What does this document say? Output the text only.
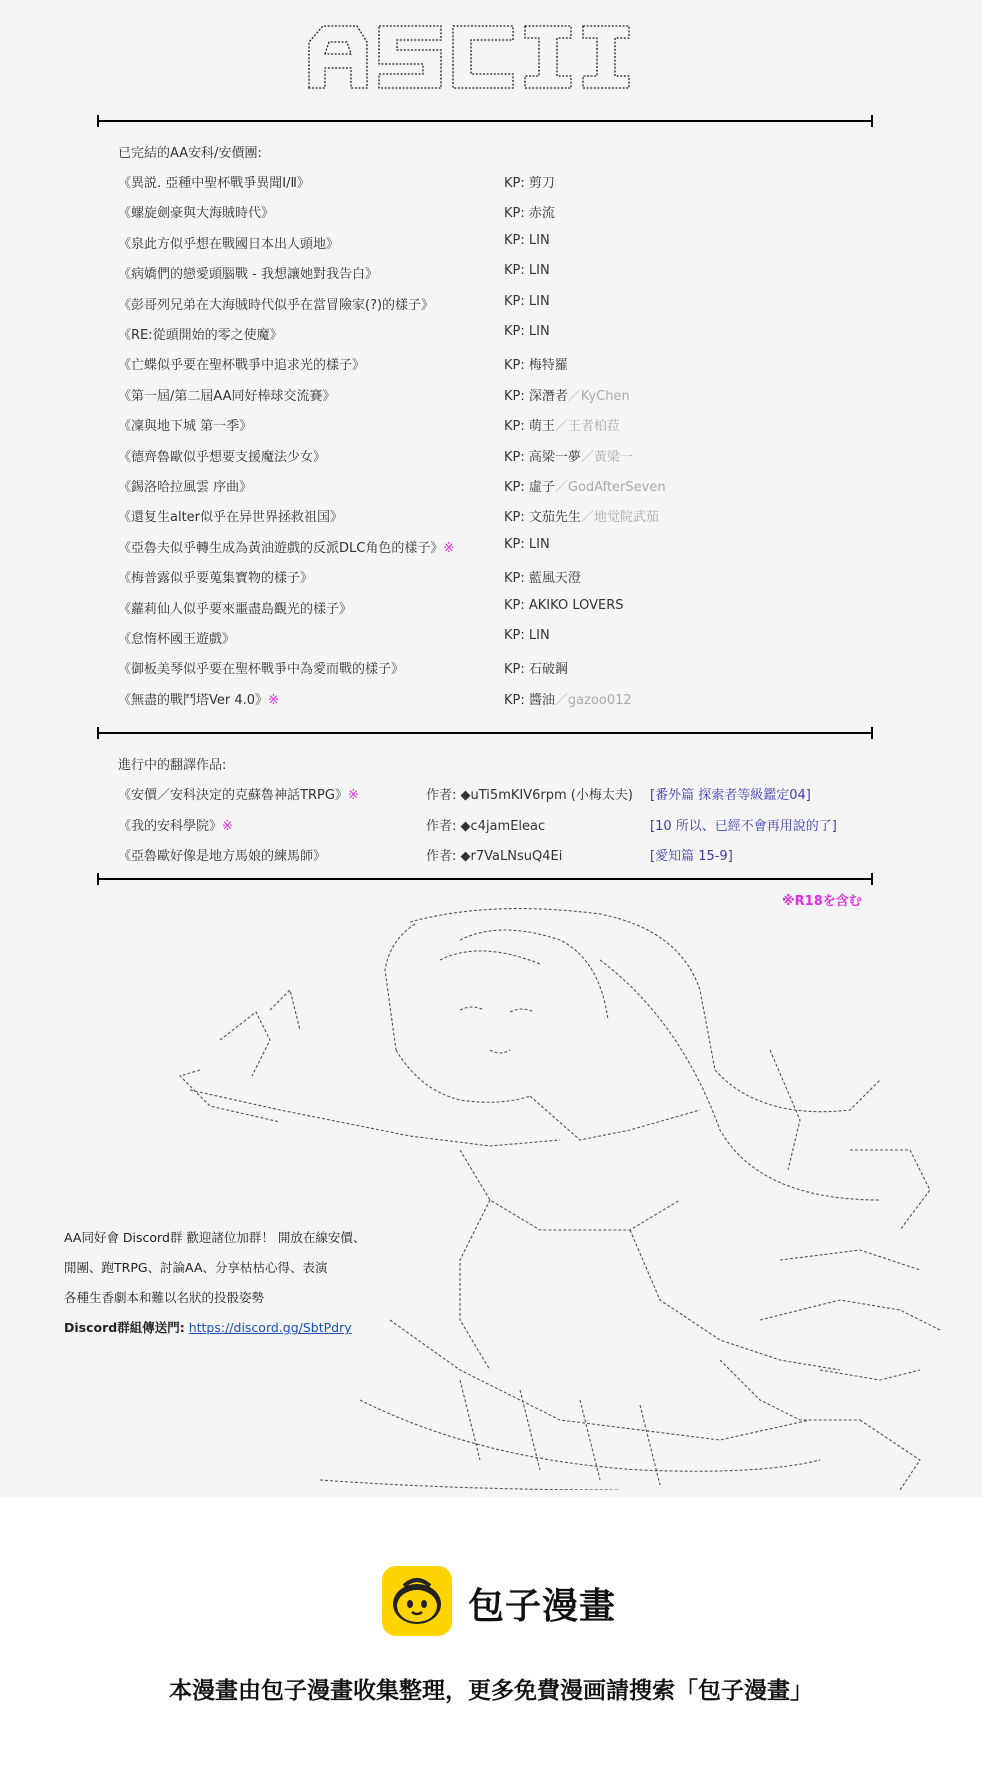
已完結的AA安科/安價團:
《異説. 亞種中聖杯戰爭異聞Ⅰ/Ⅱ》	KP: 剪刀
《螺旋劍豪與大海賊時代》	KP: 赤流
《泉此方似乎想在戰國日本出人頭地》	KP: LIN
《病嬌們的戀愛頭腦戰 - 我想讓她對我告白》	KP: LIN
《彭哥列兄弟在大海賊時代似乎在當冒險家(?)的樣子》	KP: LIN
《RE:從頭開始的零之使魔》	KP: LIN
《亡蝶似乎要在聖杯戰爭中追求光的樣子》	KP: 梅特羅
《第一屆/第二屆AA同好棒球交流賽》	KP: 深潛者／KyChen
《凜與地下城 第一季》	KP: 萌王／王者柏菈
《德齊魯歐似乎想要支援魔法少女》	KP: 高梁一夢／黃梁一
《錫洛哈拉風雲 序曲》	KP: 虛子／GodAfterSeven
《還复生alter似乎在异世界拯救祖国》	KP: 文茄先生／地觉院武茄
《亞魯夫似乎轉生成為黃油遊戲的反派DLC角色的樣子》※	KP: LIN
《梅普露似乎要蒐集寶物的樣子》	KP: 藍風天澄
《蘿莉仙人似乎要來噩盡島觀光的樣子》	KP: AKIKO LOVERS
《怠惰杯國王遊戲》	KP: LIN
《御板美琴似乎要在聖杯戰爭中為愛而戰的樣子》	KP: 石破鋼
《無盡的戰鬥塔Ver 4.0》※	KP: 醬油／gazoo012
進行中的翻譯作品:
《安價／安科決定的克蘇魯神話TRPG》※	作者: ◆uTi5mKIV6rpm (小梅太夫) [番外篇 探索者等級鑑定04]
《我的安科學院》※	作者: ◆c4jamEleac	[10 所以、已經不會再用說的了]
《亞魯歐好像是地方馬娘的練馬師》	作者: ◆r7VaLNsuQ4Ei	[愛知篇 15-9]
※R18を含む
AA同好會 Discord群 歡迎諸位加群！ 開放在線安價、
閒團、跑TRPG、討論AA、分享枯枯心得、表演
各種生香劇本和難以名狀的投骰姿勢
Discord群組傳送門: https://discord.gg/SbtPdry
包子漫畫
本漫畫由包子漫畫收集整理，更多免費漫画請搜索「包子漫畫」
